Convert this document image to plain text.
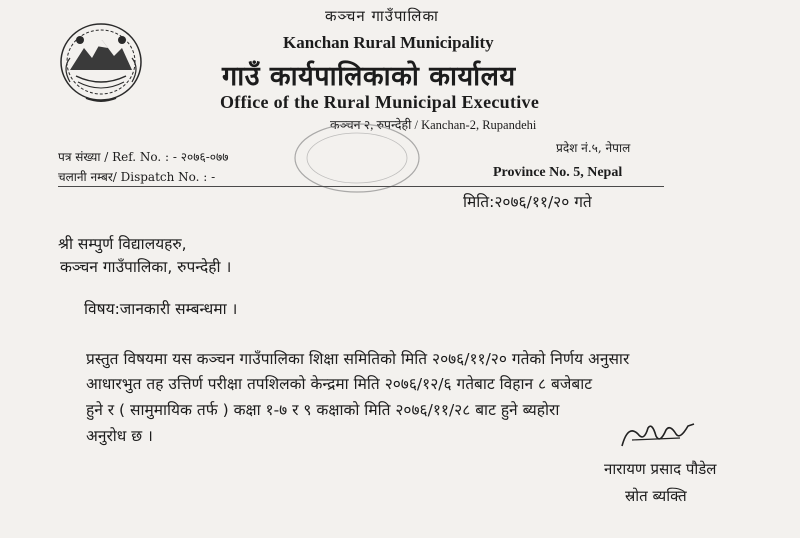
कञ्चन गाउँपालिका
Kanchan Rural Municipality
गाउँ कार्यपालिकाको कार्यालय
Office of the Rural Municipal Executive
कञ्चन २, रुपन्देही / Kanchan-2, Rupandehi
पत्र संख्या / Ref. No. : - २०७६-०७७
चलानी नम्बर/ Dispatch No. : -
प्रदेश नं.५, नेपाल
Province No. 5, Nepal
मिति:२०७६/११/२० गते
श्री सम्पुर्ण विद्यालयहरु,
कञ्चन गाउँपालिका, रुपन्देही ।
विषय:जानकारी सम्बन्धमा ।
प्रस्तुत विषयमा यस कञ्चन गाउँपालिका शिक्षा समितिको मिति २०७६/११/२० गतेको निर्णय अनुसार
आधारभुत तह उत्तिर्ण परीक्षा तपशिलको केन्द्रमा मिति २०७६/१२/६ गतेबाट विहान ८ बजेबाट
हुने र ( सामुमायिक तर्फ ) कक्षा १-७ र ९ कक्षाको मिति २०७६/११/२८ बाट हुने ब्यहोरा
अनुरोध छ ।
नारायण प्रसाद पौडेल
स्रोत ब्यक्ति
